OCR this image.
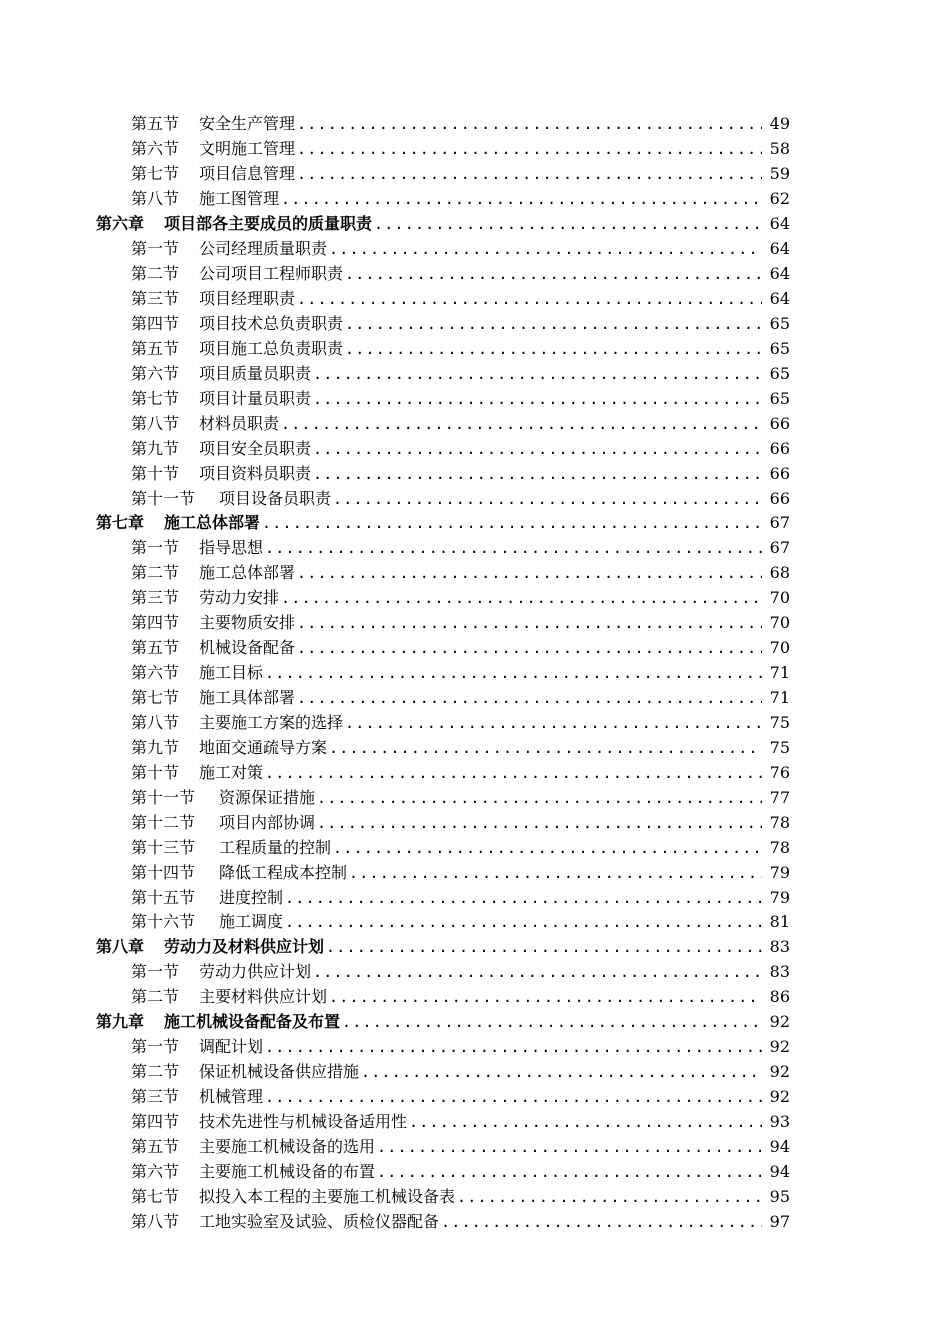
第五节 安全生产管理 .....	49
第六节 文明施工管理 .....	58
第七节 项目信息管理 .....	59
第八节 施工图管理 .....	62
第六章 项目部各主要成员的质量职责 .....	64
第一节 公司经理质量职责 .....	64
第二节 公司项目工程师职责 .....	64
第三节 项目经理职责 .....	64
第四节 项目技术总负责职责 .....	65
第五节 项目施工总负责职责 .....	65
第六节 项目质量员职责 .....	65
第七节 项目计量员职责 .....	65
第八节 材料员职责 .....	66
第九节 项目安全员职责 .....	66
第十节 项目资料员职责 .....	66
第十一节 项目设备员职责 .....	66
第七章 施工总体部署 .....	67
第一节 指导思想 .....	67
第二节 施工总体部署 .....	68
第三节 劳动力安排 .....	70
第四节 主要物质安排 .....	70
第五节 机械设备配备 .....	70
第六节 施工目标 .....	71
第七节 施工具体部署 .....	71
第八节 主要施工方案的选择 .....	75
第九节 地面交通疏导方案 .....	75
第十节 施工对策 .....	76
第十一节 资源保证措施 .....	77
第十二节 项目内部协调 .....	78
第十三节 工程质量的控制 .....	78
第十四节 降低工程成本控制 .....	79
第十五节 进度控制 .....	79
第十六节 施工调度 .....	81
第八章 劳动力及材料供应计划 .....	83
第一节 劳动力供应计划 .....	83
第二节 主要材料供应计划 .....	86
第九章 施工机械设备配备及布置 .....	92
第一节 调配计划 .....	92
第二节 保证机械设备供应措施 .....	92
第三节 机械管理 .....	92
第四节 技术先进性与机械设备适用性 .....	93
第五节 主要施工机械设备的选用 .....	94
第六节 主要施工机械设备的布置 .....	94
第七节 拟投入本工程的主要施工机械设备表 .....	95
第八节 工地实验室及试验、质检仪器配备 .....	97
